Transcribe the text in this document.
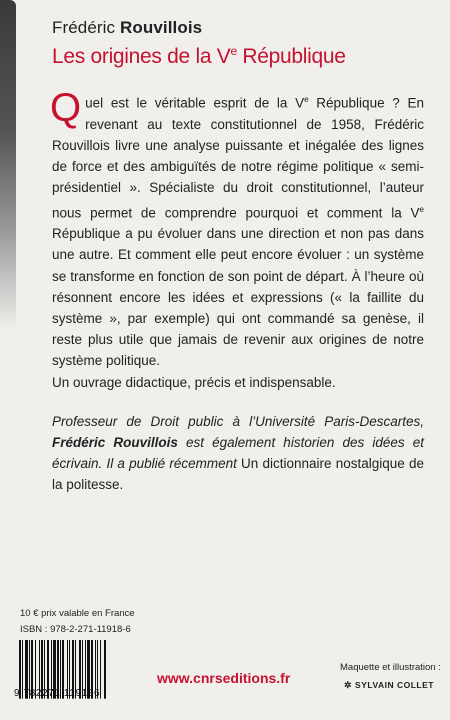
Frédéric Rouvillois

Les origines de la Ve République

Quel est le véritable esprit de la Ve République ? En revenant au texte constitutionnel de 1958, Frédéric Rouvillois livre une analyse puissante et inégalée des lignes de force et des ambiguïtés de notre régime politique « semi-présidentiel ». Spécialiste du droit constitutionnel, l’auteur nous permet de comprendre pourquoi et comment la Ve République a pu évoluer dans une direction et non pas dans une autre. Et comment elle peut encore évoluer : un système se transforme en fonction de son point de départ. À l’heure où résonnent encore les idées et expressions (« la faillite du système », par exemple) qui ont commandé sa genèse, il reste plus utile que jamais de revenir aux origines de notre système politique.
Un ouvrage didactique, précis et indispensable.
Professeur de Droit public à l’Université Paris-Descartes, Frédéric Rouvillois est également historien des idées et écrivain. Il a publié récemment Un dictionnaire nostalgique de la politesse.
10 € prix valable en France
ISBN : 978-2-271-11918-6
9 782271 119186
www.cnrseditions.fr
Maquette et illustration :
✲ SYLVAIN COLLET
